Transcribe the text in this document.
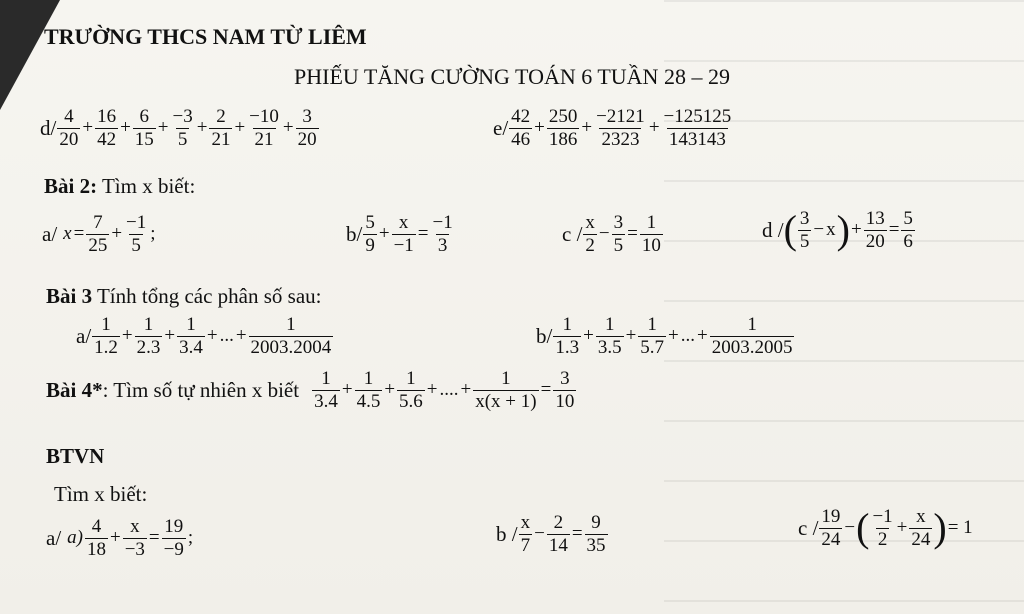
TRƯỜNG THCS NAM TỪ LIÊM
PHIẾU TĂNG CƯỜNG TOÁN 6 TUẦN 28 – 29
$d/ \frac{4}{20} + \frac{16}{42} + \frac{6}{15} + \frac{-3}{5} + \frac{2}{21} + \frac{-10}{21} + \frac{3}{20}$	$e/ \frac{42}{46} + \frac{250}{186} + \frac{-2121}{2323} + \frac{-125125}{143143}$
Bài 2: Tìm x biết:
a/ $x = \frac{7}{25} + \frac{-1}{5}$ ;	$b/ \frac{5}{9} + \frac{x}{-1} = \frac{-1}{3}$	$c / \frac{x}{2} - \frac{3}{5} = \frac{1}{10}$	d / ( $\frac{3}{5} - x$ ) + $\frac{13}{20} = \frac{5}{6}$
Bài 3 Tính tổng các phân số sau:
$a/ \frac{1}{1.2} + \frac{1}{2.3} + \frac{1}{3.4}$ + ... + $\frac{1}{2003.2004}$	$b/ \frac{1}{1.3} + \frac{1}{3.5} + \frac{1}{5.7}$ + ... + $\frac{1}{2003.2005}$
Bài 4*: Tìm số tự nhiên x biết $\frac{1}{3.4} + \frac{1}{4.5} + \frac{1}{5.6}$ + .... + $\frac{1}{x(x + 1)} = \frac{3}{10}$
BTVN
Tìm x biết:
a/ $a) \frac{4}{18} + \frac{x}{-3} = \frac{19}{-9}$ ;	$b / \frac{x}{7} - \frac{2}{14} = \frac{9}{35}$	c / $\frac{19}{24}$ − ( $\frac{-1}{2} + \frac{x}{24}$ ) = 1
